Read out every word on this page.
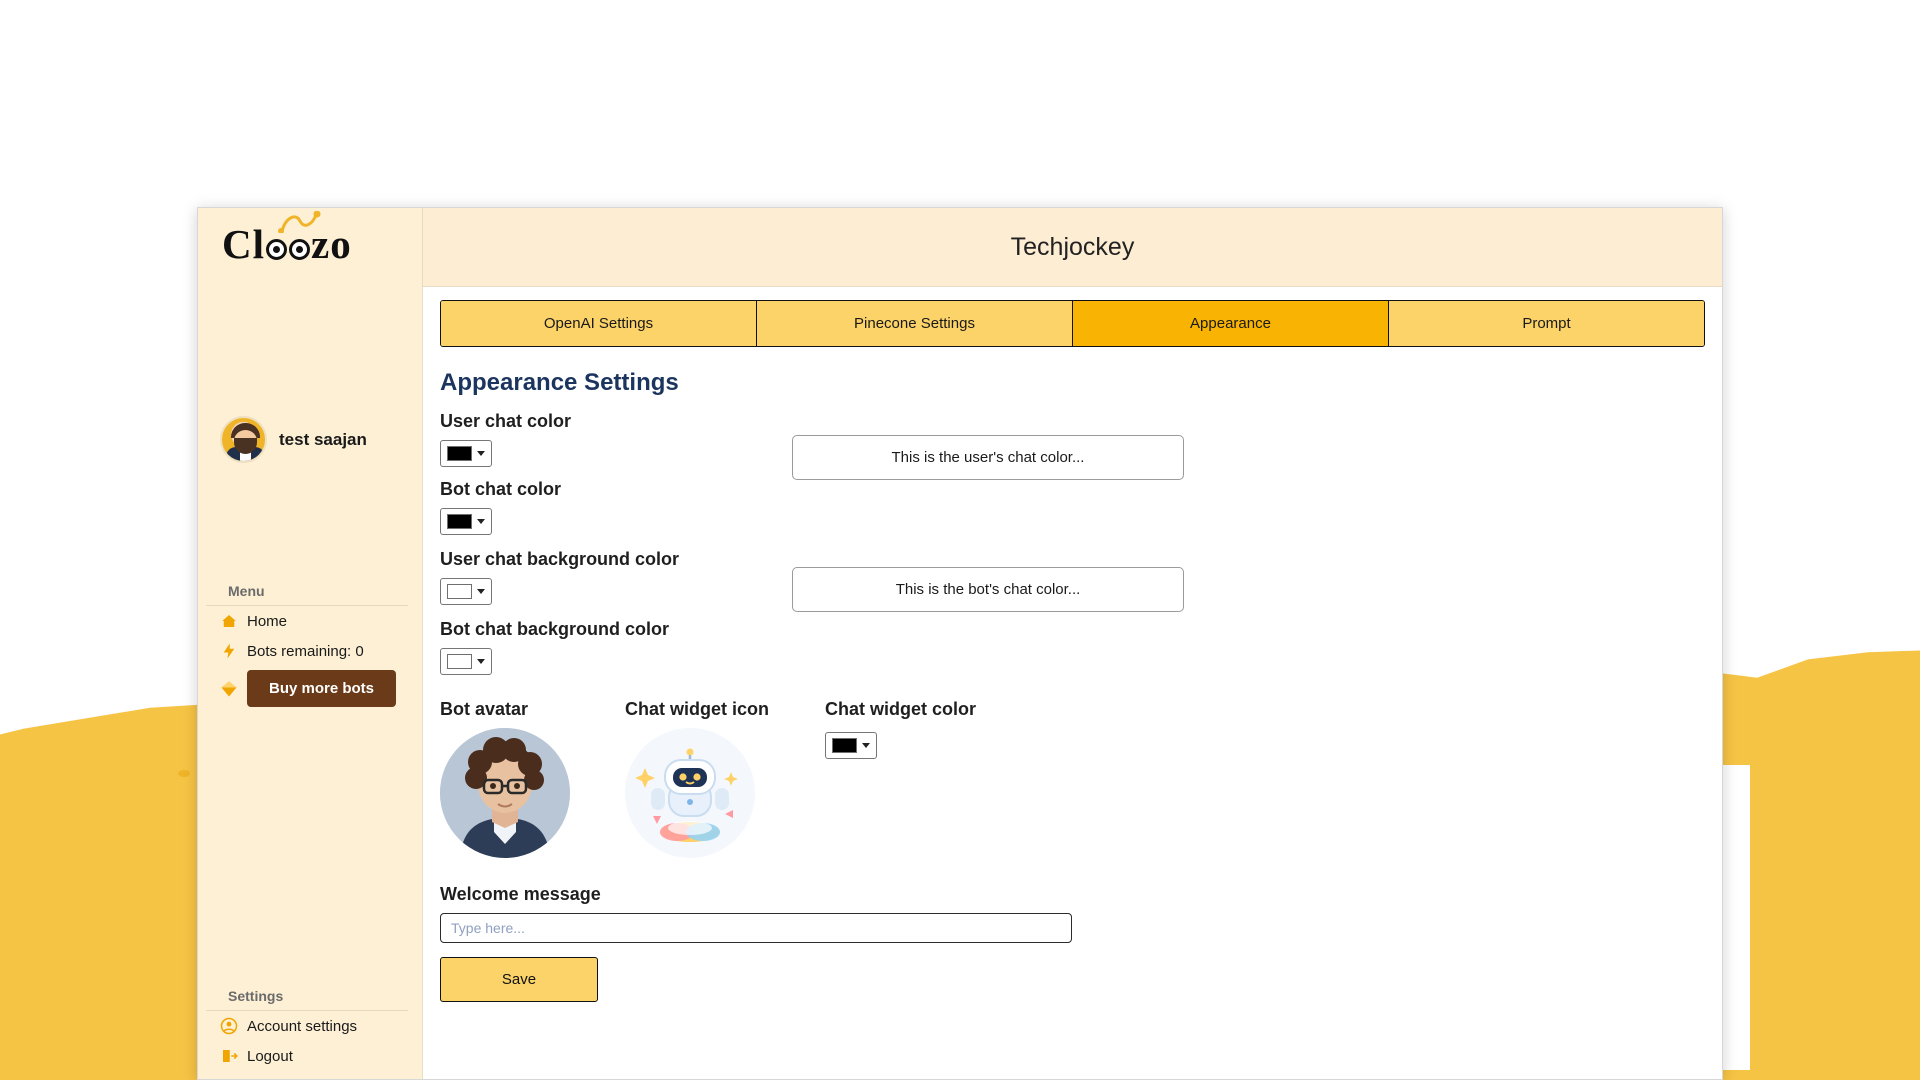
Cl zo
test saajan
Menu
Home
Bots remaining: 0
Buy more bots
Settings
Account settings
Logout
Techjockey
OpenAI Settings	Pinecone Settings	Appearance	Prompt
Appearance Settings
User chat color
Bot chat color
User chat background color
Bot chat background color
This is the user's chat color...
This is the bot's chat color...
Bot avatar	Chat widget icon	Chat widget color
Welcome message
Type here...
Save
